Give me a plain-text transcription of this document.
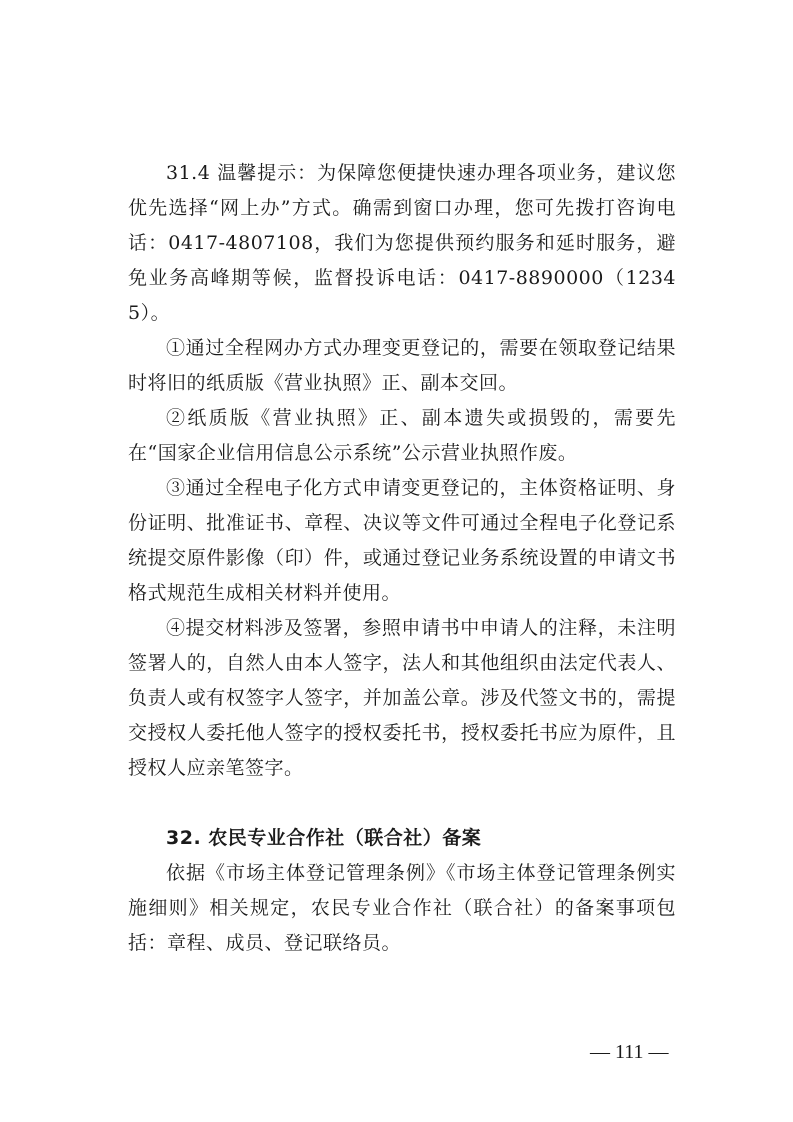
31.4 温馨提示：为保障您便捷快速办理各项业务，建议您优先选择“网上办”方式。确需到窗口办理，您可先拨打咨询电话：0417-4807108，我们为您提供预约服务和延时服务，避免业务高峰期等候，监督投诉电话：0417-8890000（12345）。

①通过全程网办方式办理变更登记的，需要在领取登记结果时将旧的纸质版《营业执照》正、副本交回。

②纸质版《营业执照》正、副本遗失或损毁的，需要先在“国家企业信用信息公示系统”公示营业执照作废。

③通过全程电子化方式申请变更登记的，主体资格证明、身份证明、批准证书、章程、决议等文件可通过全程电子化登记系统提交原件影像（印）件，或通过登记业务系统设置的申请文书格式规范生成相关材料并使用。

④提交材料涉及签署，参照申请书中申请人的注释，未注明签署人的，自然人由本人签字，法人和其他组织由法定代表人、负责人或有权签字人签字，并加盖公章。涉及代签文书的，需提交授权人委托他人签字的授权委托书，授权委托书应为原件，且授权人应亲笔签字。

32. 农民专业合作社（联合社）备案

依据《市场主体登记管理条例》《市场主体登记管理条例实施细则》相关规定，农民专业合作社（联合社）的备案事项包括：章程、成员、登记联络员。

— 111 —
